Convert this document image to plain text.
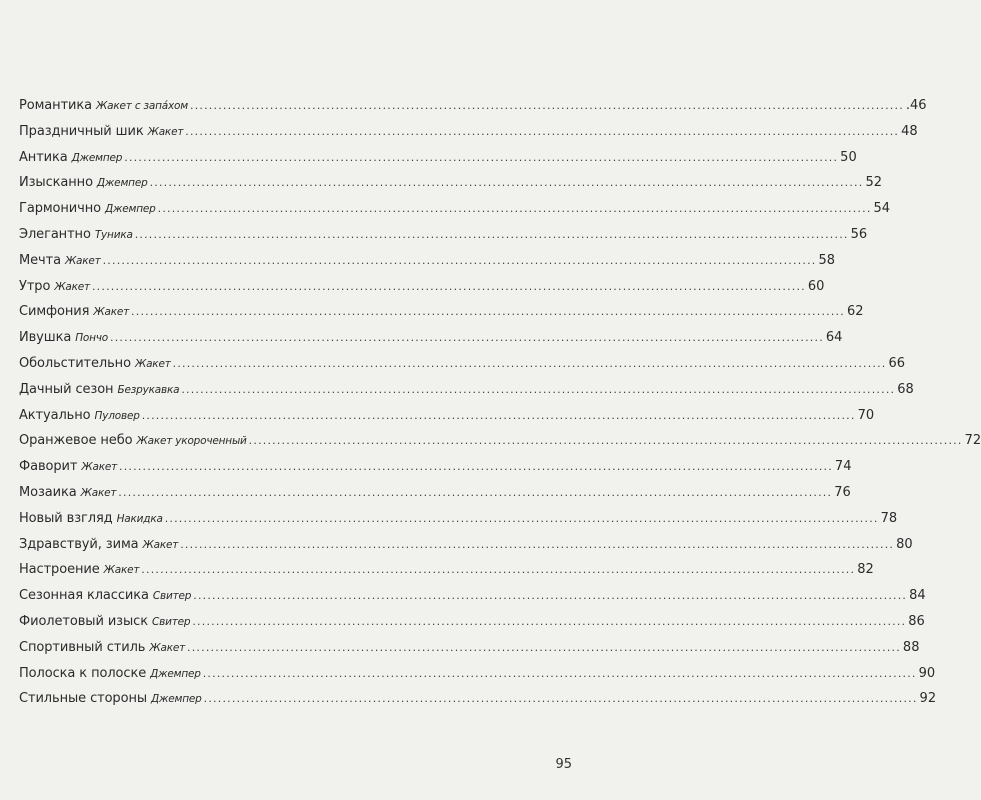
Романтика Жакет с запáхом .....	.46
Праздничный шик Жакет .....	48
Антика Джемпер .....	50
Изысканно Джемпер .....	52
Гармонично Джемпер .....	54
Элегантно Туника .....	56
Мечта Жакет .....	58
Утро Жакет .....	60
Симфония Жакет .....	62
Ивушка Пончо .....	64
Обольстительно Жакет .....	66
Дачный сезон Безрукавка .....	68
Актуально Пуловер .....	70
Оранжевое небо Жакет укороченный .....	72
Фаворит Жакет .....	74
Мозаика Жакет .....	76
Новый взгляд Накидка .....	78
Здравствуй, зима Жакет .....	80
Настроение Жакет .....	82
Сезонная классика Свитер .....	84
Фиолетовый изыск Свитер .....	86
Спортивный стиль Жакет .....	88
Полоска к полоске Джемпер .....	90
Стильные стороны Джемпер .....	92
95
